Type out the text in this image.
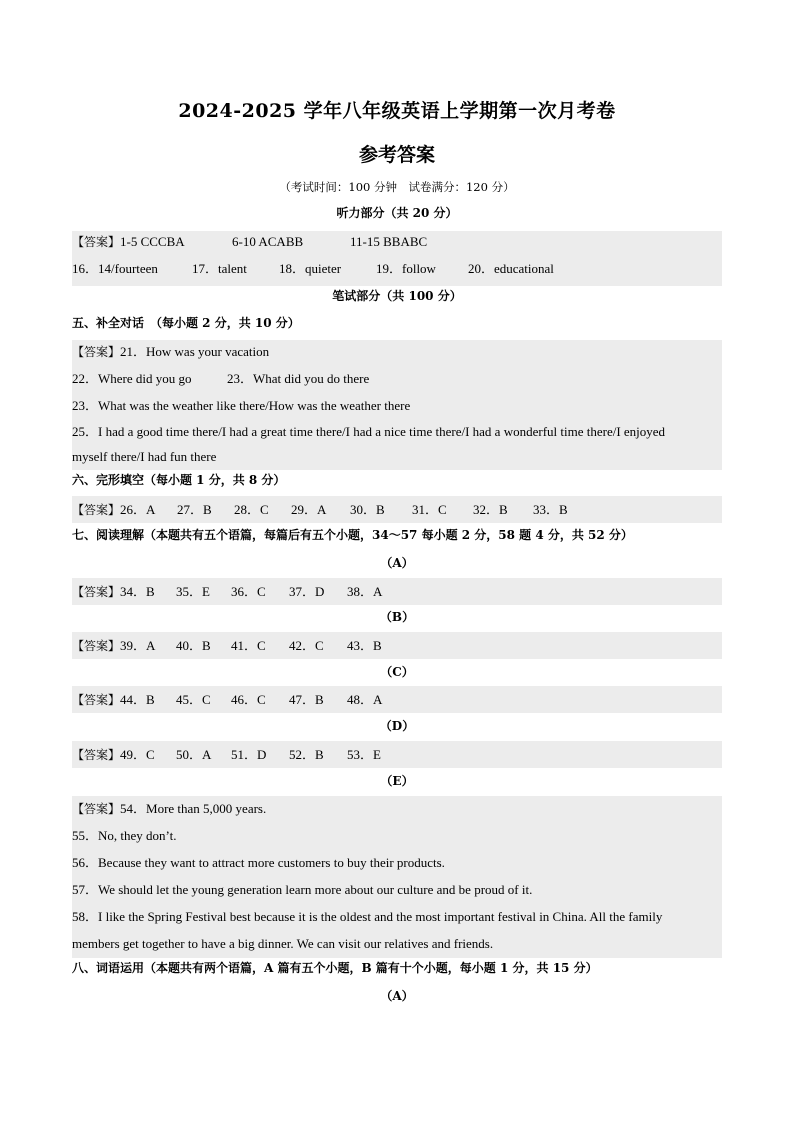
2024-2025 学年八年级英语上学期第一次月考卷
参考答案
（考试时间：100 分钟　试卷满分：120 分）
听力部分（共 20 分）
【答案】1-5 CCCBA	6-10 ACABB	11-15 BBABC
16．14/fourteen	17．talent 18．quieter	19．follow 20．educational
笔试部分（共 100 分）
五、补全对话　（每小题 2 分，共 10 分）
【答案】21．How was your vacation
22．Where did you go	23．What did you do there
23．What was the weather like there/How was the weather there
25．I had a good time there/I had a great time there/I had a nice time there/I had a wonderful time there/I enjoyed
myself there/I had fun there
六、完形填空（每小题 1 分，共 8 分）
【答案】26．A 27．B 28．C 29．A 30．B 31．C 32．B 33．B
七、阅读理解（本题共有五个语篇，每篇后有五个小题，34～57 每小题 2 分，58 题 4 分，共 52 分）
（A）
【答案】34．B 35．E 36．C 37．D 38．A
（B）
【答案】39．A 40．B 41．C 42．C 43．B
（C）
【答案】44．B 45．C 46．C 47．B 48．A
（D）
【答案】49．C 50．A 51．D 52．B 53．E
（E）
【答案】54．More than 5,000 years.
55．No, they don’t.
56．Because they want to attract more customers to buy their products.
57．We should let the young generation learn more about our culture and be proud of it.
58．I like the Spring Festival best because it is the oldest and the most important festival in China. All the family
members get together to have a big dinner. We can visit our relatives and friends.
八、词语运用（本题共有两个语篇，A 篇有五个小题，B 篇有十个小题，每小题 1 分，共 15 分）
（A）
